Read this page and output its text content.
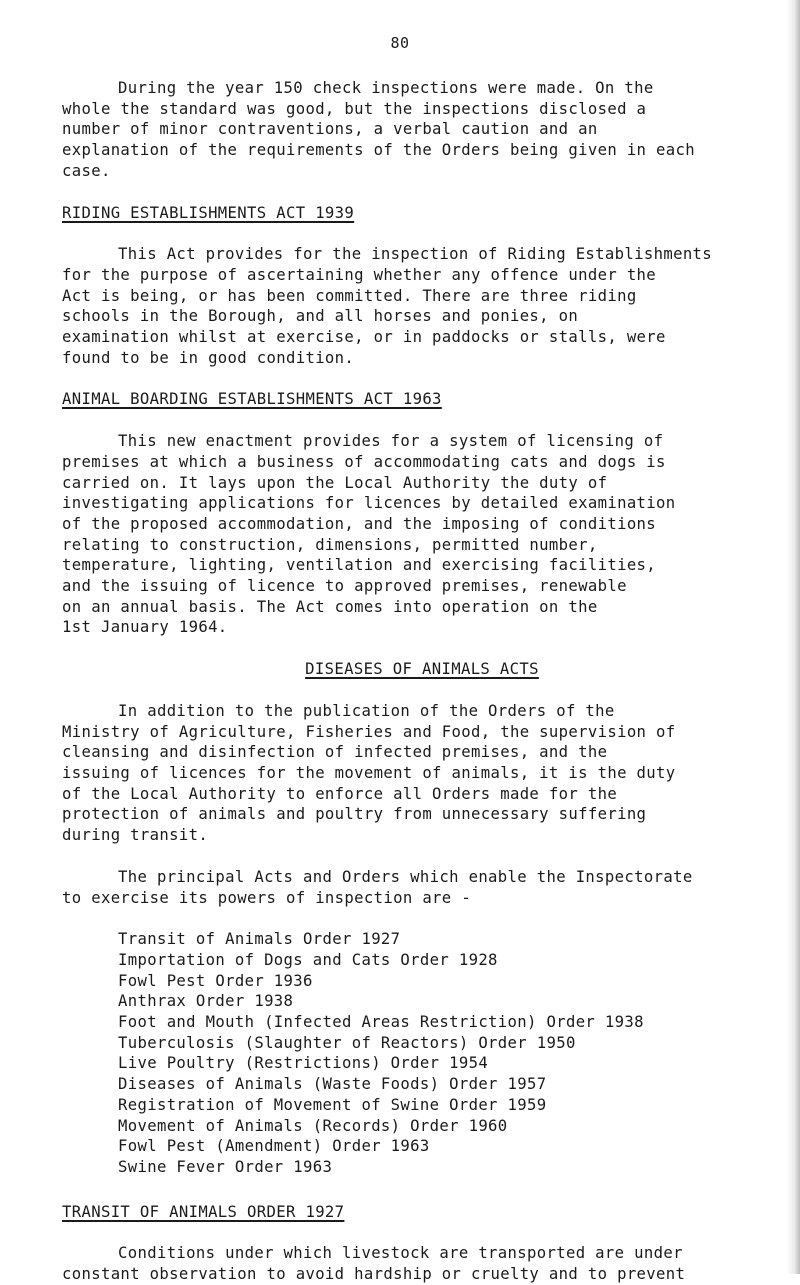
80

During the year 150 check inspections were made. On the
whole the standard was good, but the inspections disclosed a
number of minor contraventions, a verbal caution and an
explanation of the requirements of the Orders being given in each
case.

RIDING ESTABLISHMENTS ACT 1939

This Act provides for the inspection of Riding Establishments
for the purpose of ascertaining whether any offence under the
Act is being, or has been committed. There are three riding
schools in the Borough, and all horses and ponies, on
examination whilst at exercise, or in paddocks or stalls, were
found to be in good condition.

ANIMAL BOARDING ESTABLISHMENTS ACT 1963

This new enactment provides for a system of licensing of
premises at which a business of accommodating cats and dogs is
carried on. It lays upon the Local Authority the duty of
investigating applications for licences by detailed examination
of the proposed accommodation, and the imposing of conditions
relating to construction, dimensions, permitted number,
temperature, lighting, ventilation and exercising facilities,
and the issuing of licence to approved premises, renewable
on an annual basis. The Act comes into operation on the
1st January 1964.

DISEASES OF ANIMALS ACTS

In addition to the publication of the Orders of the
Ministry of Agriculture, Fisheries and Food, the supervision of
cleansing and disinfection of infected premises, and the
issuing of licences for the movement of animals, it is the duty
of the Local Authority to enforce all Orders made for the
protection of animals and poultry from unnecessary suffering
during transit.

The principal Acts and Orders which enable the Inspectorate
to exercise its powers of inspection are -

Transit of Animals Order 1927
Importation of Dogs and Cats Order 1928
Fowl Pest Order 1936
Anthrax Order 1938
Foot and Mouth (Infected Areas Restriction) Order 1938
Tuberculosis (Slaughter of Reactors) Order 1950
Live Poultry (Restrictions) Order 1954
Diseases of Animals (Waste Foods) Order 1957
Registration of Movement of Swine Order 1959
Movement of Animals (Records) Order 1960
Fowl Pest (Amendment) Order 1963
Swine Fever Order 1963

TRANSIT OF ANIMALS ORDER 1927

Conditions under which livestock are transported are under
constant observation to avoid hardship or cruelty and to prevent
